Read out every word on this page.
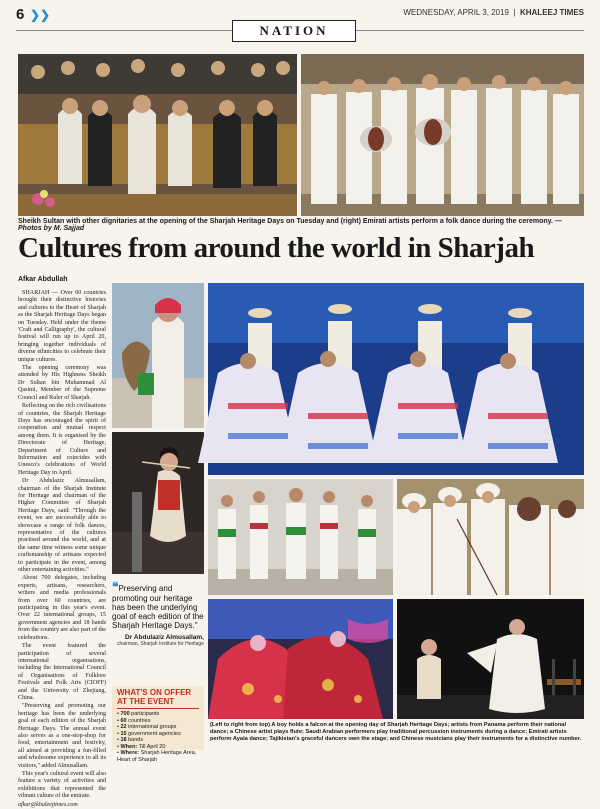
6 ❯❯	WEDNESDAY, APRIL 3, 2019  |  KHALEEJ TIMES
NATION
Sheikh Sultan with other dignitaries at the opening of the Sharjah Heritage Days on Tuesday and (right) Emirati artists perform a folk dance during the ceremony. — Photos by M. Sajjad
Cultures from around the world in Sharjah
Afkar Abdullah

SHARJAH — Over 60 countries brought their distinctive histories and cultures to the Heart of Sharjah as the Sharjah Heritage Days began on Tuesday. Held under the theme 'Craft and Calligraphy', the cultural festival will run up to April 20, bringing together individuals of diverse ethnicities to celebrate their unique cultures.

The opening ceremony was attended by His Highness Sheikh Dr Sultan bin Muhammad Al Qasimi, Member of the Supreme Council and Ruler of Sharjah.

Reflecting on the rich civilisations of countries, the Sharjah Heritage Days has encouraged the spirit of cooperation and mutual respect among them. It is organised by the Directorate of Heritage, Department of Culture and Information and coincides with Unesco's celebrations of World Heritage Day in April.

Dr Abdulaziz Almusallam, chairman of the Sharjah Institute for Heritage and chairman of the Higher Committee of Sharjah Heritage Days, said: "Through the event, we are successfully able to showcase a range of folk dances, representative of the cultures practised around the world, and at the same time witness some unique craftsmanship of artisans expected to participate in the event, among other entertaining activities."

About 700 delegates, including experts, artisans, researchers, writers and media professionals from over 60 countries, are participating in this year's event. Over 22 international groups, 15 government agencies and 18 bands from the country are also part of the celebrations.

The event featured the participation of several international organisations, including the International Council of Organisations of Folklore Festivals and Folk Arts (CIOFF) and the University of Zhejiang, China.

"Preserving and promoting our heritage has been the underlying goal of each edition of the Sharjah Heritage Days. The annual event also serves as a one-stop-shop for food, entertainment and festivity, all aimed at providing a fun-filled and wholesome experience to all its visitors," added Almusallam.

This year's cultural event will also feature a variety of activities and exhibitions that represented the vibrant culture of the emirate.

afkar@khaleejtimes.com
❝Preserving and promoting our heritage has been the underlying goal of each edition of the Sharjah Heritage Days."
Dr Abdulaziz Almusallam,
chairman, Sharjah Institute for Heritage
WHAT'S ON OFFER AT THE EVENT
• 700 participants
• 60 countries
• 22 international groups
• 15 government agencies
• 18 bands
• When: Till April 20
• Where: Sharjah Heritage Area, Heart of Sharjah
(Left to right from top) A boy holds a falcon at the opening day of Sharjah Heritage Days; artists from Panama perform their national dance; a Chinese artist plays flute; Saudi Arabian performers play traditional percussion instruments during a dance; Emirati artists perform Ayala dance; Tajikistan's graceful dancers own the stage; and Chinese musicians play their instruments for a distinctive number.
